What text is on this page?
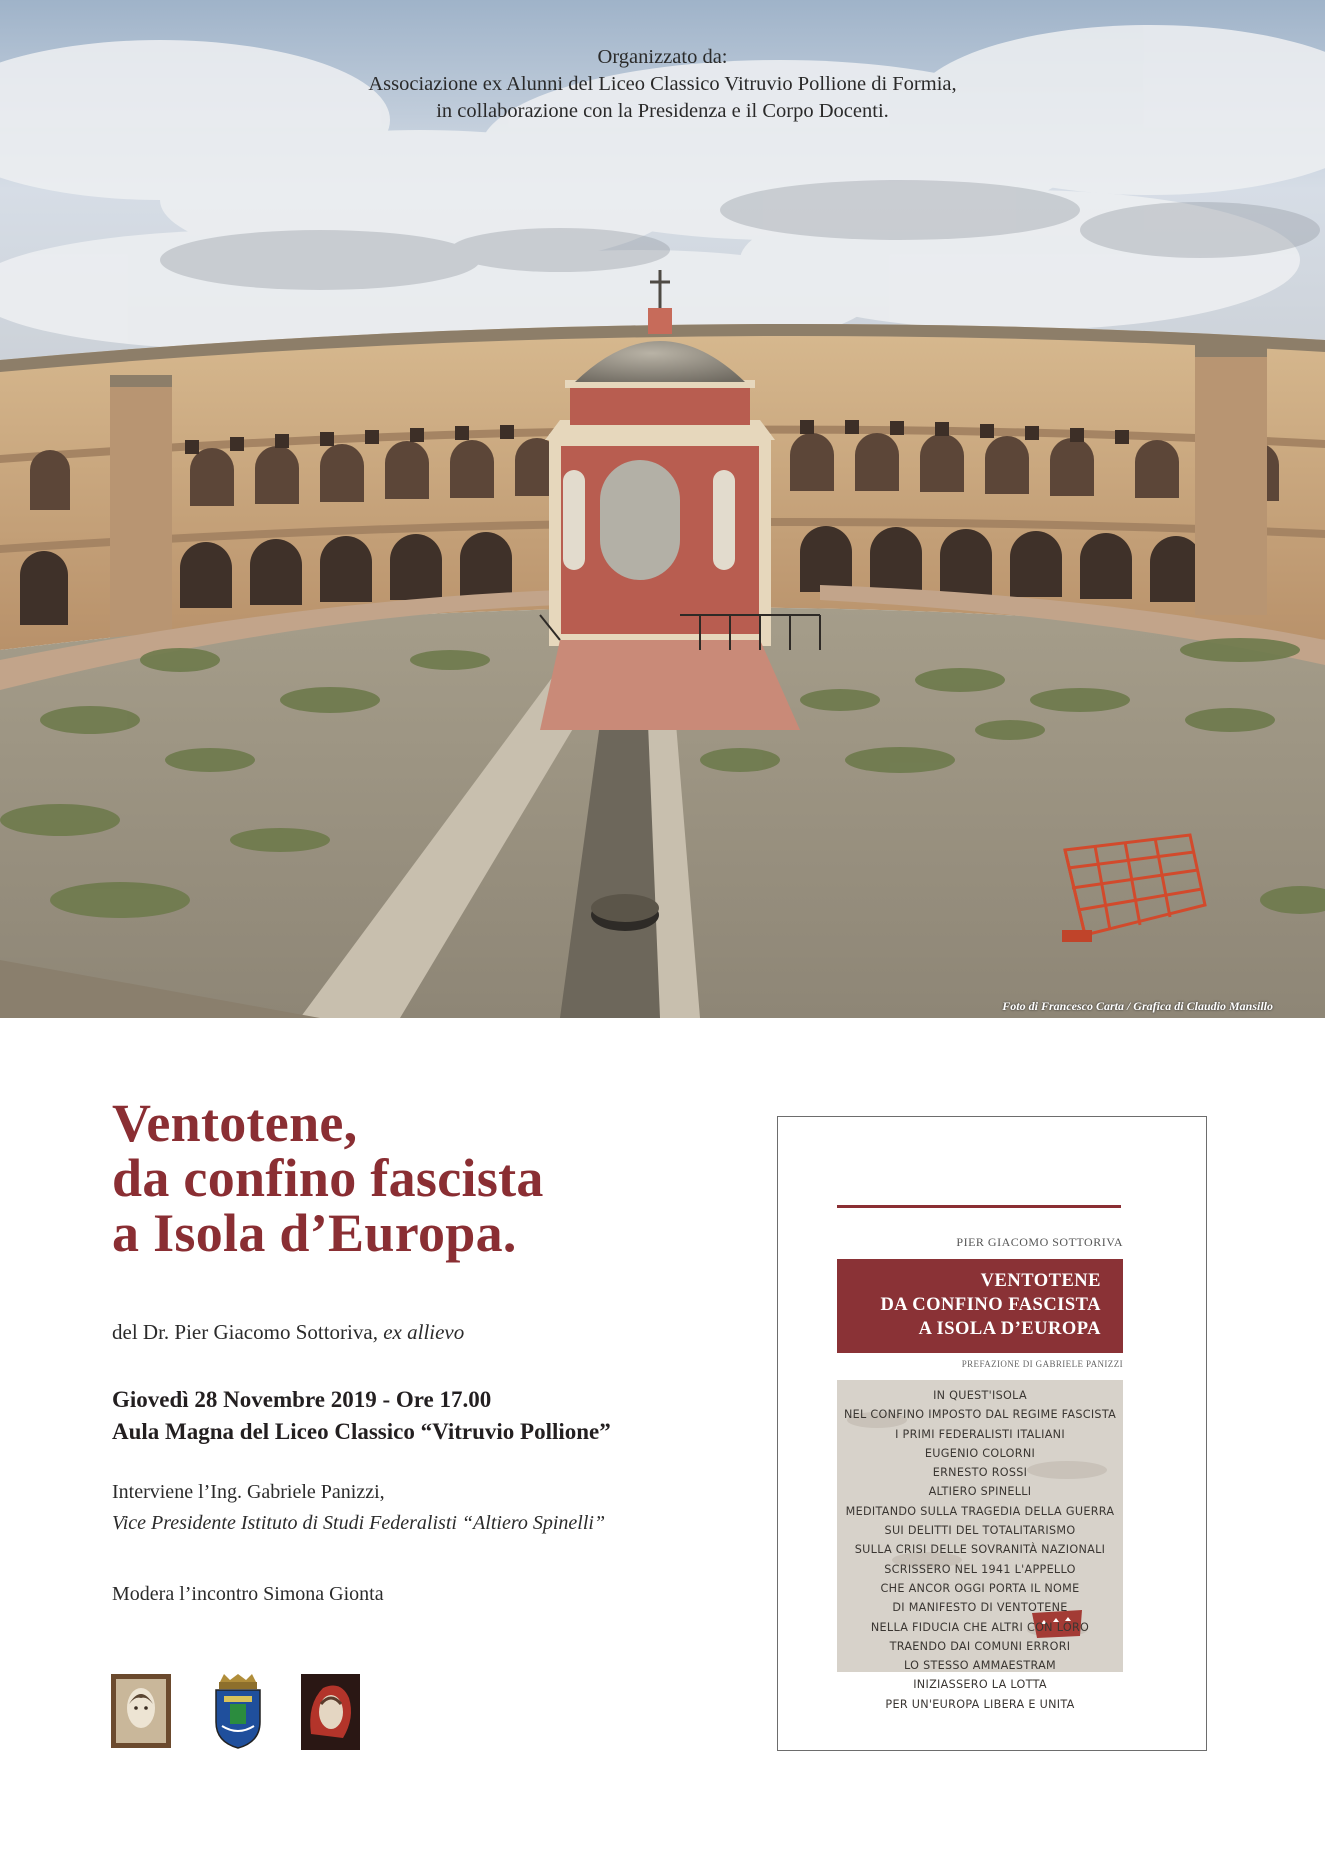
Organizzato da:
Associazione ex Alunni del Liceo Classico Vitruvio Pollione di Formia,
in collaborazione con la Presidenza e il Corpo Docenti.
Foto di Francesco Carta / Grafica di Claudio Mansillo
Ventotene,
da confino fascista
a Isola d’Europa.
del Dr. Pier Giacomo Sottoriva, ex allievo
Giovedì 28 Novembre 2019 - Ore 17.00
Aula Magna del Liceo Classico “Vitruvio Pollione”
Interviene l’Ing. Gabriele Panizzi,
Vice Presidente Istituto di Studi Federalisti “Altiero Spinelli”
Modera l’incontro Simona Gionta
PIER GIACOMO SOTTORIVA
VENTOTENE
DA CONFINO FASCISTA
A ISOLA D’EUROPA
PREFAZIONE DI GABRIELE PANIZZI
IN QUEST'ISOLA
NEL CONFINO IMPOSTO DAL REGIME FASCISTA
I PRIMI FEDERALISTI ITALIANI
EUGENIO COLORNI
ERNESTO ROSSI
ALTIERO SPINELLI
MEDITANDO SULLA TRAGEDIA DELLA GUERRA
SUI DELITTI DEL TOTALITARISMO
SULLA CRISI DELLE SOVRANITÀ NAZIONALI
SCRISSERO NEL 1941 L'APPELLO
CHE ANCOR OGGI PORTA IL NOME
DI MANIFESTO DI VENTOTENE
NELLA FIDUCIA CHE ALTRI CON LORO
TRAENDO DAI COMUNI ERRORI
LO STESSO AMMAESTRAM
INIZIASSERO LA LOTTA
PER UN'EUROPA LIBERA E UNITA
